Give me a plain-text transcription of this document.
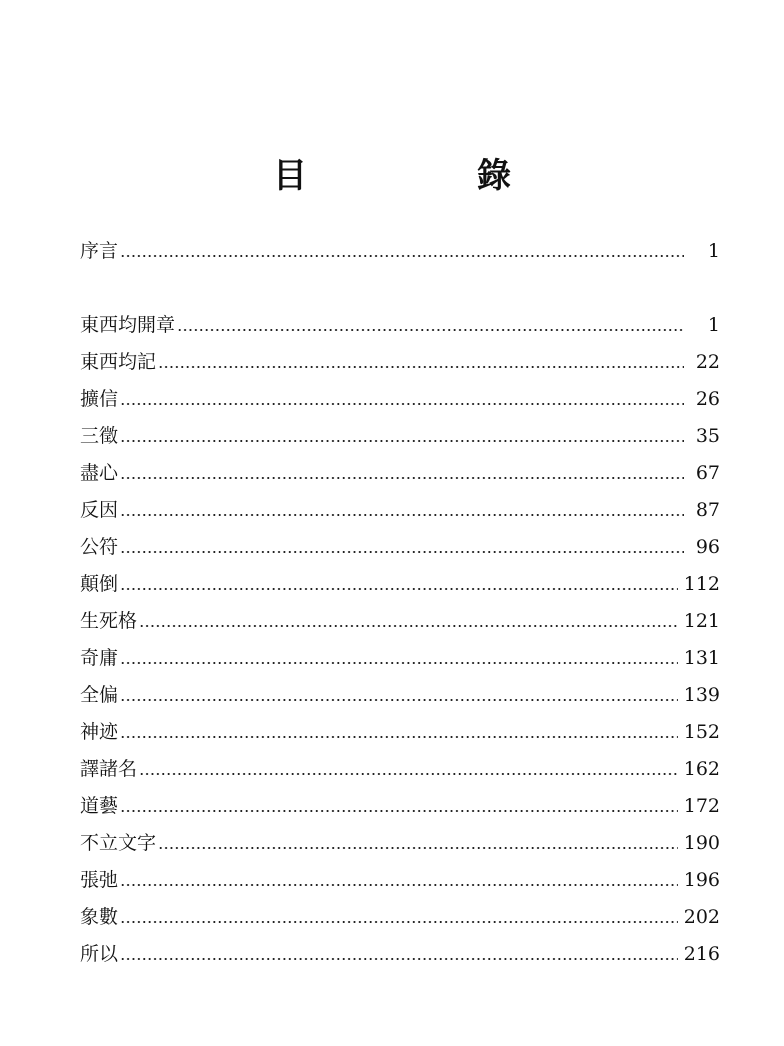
目　錄
序言	1
東西均開章	1
東西均記	22
擴信	26
三徵	35
盡心	67
反因	87
公符	96
顛倒	112
生死格	121
奇庸	131
全偏	139
神迹	152
譯諸名	162
道藝	172
不立文字	190
張弛	196
象數	202
所以	216
